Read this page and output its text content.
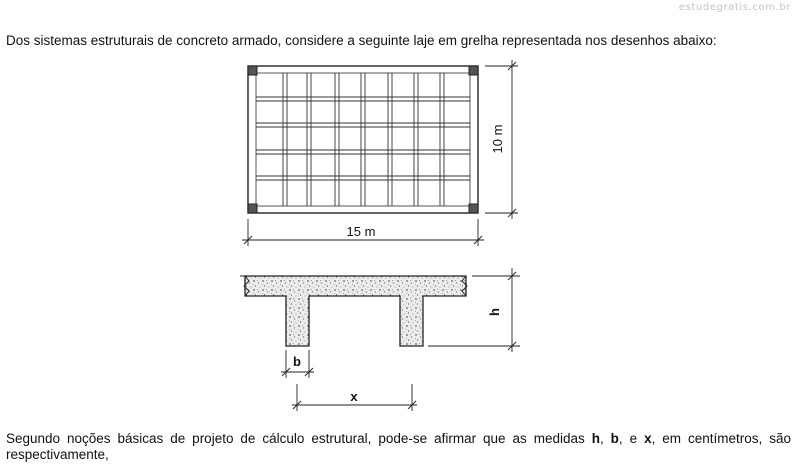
estudegratis.com.br
Dos sistemas estruturais de concreto armado, considere a seguinte laje em grelha representada nos desenhos abaixo:
10 m
15 m
h
b
x
Segundo noções básicas de projeto de cálculo estrutural, pode-se afirmar que as medidas h, b, e x, em centímetros, são respectivamente,
